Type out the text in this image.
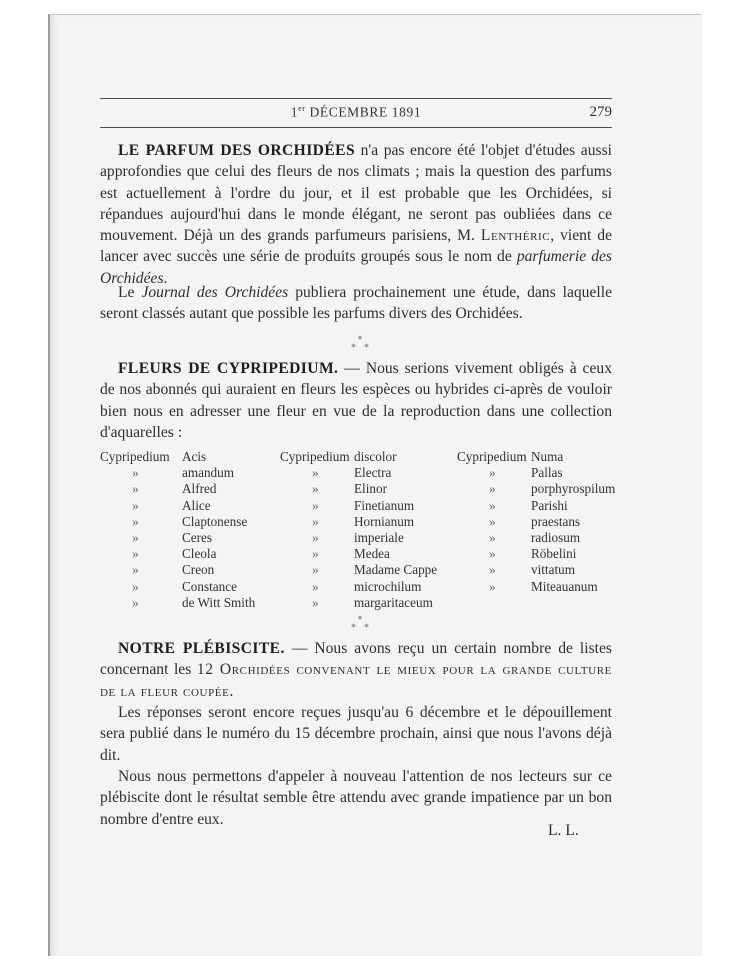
1er DÉCEMBRE 1891	279
LE PARFUM DES ORCHIDÉES n'a pas encore été l'objet d'études aussi approfondies que celui des fleurs de nos climats ; mais la question des parfums est actuellement à l'ordre du jour, et il est probable que les Orchidées, si répandues aujourd'hui dans le monde élégant, ne seront pas oubliées dans ce mouvement. Déjà un des grands parfumeurs parisiens, M. Lenthéric, vient de lancer avec succès une série de produits groupés sous le nom de parfumerie des Orchidées.
Le Journal des Orchidées publiera prochainement une étude, dans laquelle seront classés autant que possible les parfums divers des Orchidées.
*
* *
FLEURS DE CYPRIPEDIUM. — Nous serions vivement obligés à ceux de nos abonnés qui auraient en fleurs les espèces ou hybrides ci-après de vouloir bien nous en adresser une fleur en vue de la reproduction dans une collection d'aquarelles :
Cypripedium Acis	Cypripedium discolor	Cypripedium Numa
»	amandum	»	Electra	»	Pallas
»	Alfred	»	Elinor	»	porphyrospilum
»	Alice	»	Finetianum	»	Parishi
»	Claptonense	»	Hornianum	»	praestans
»	Ceres	»	imperiale	»	radiosum
»	Cleola	»	Medea	»	Röbelini
»	Creon	»	Madame Cappe	»	vittatum
»	Constance	»	microchilum	»	Miteauanum
»	de Witt Smith	»	margaritaceum
*
* *
NOTRE PLÉBISCITE. — Nous avons reçu un certain nombre de listes concernant les 12 Orchidées convenant le mieux pour la grande culture de la fleur coupée.
Les réponses seront encore reçues jusqu'au 6 décembre et le dépouillement sera publié dans le numéro du 15 décembre prochain, ainsi que nous l'avons déjà dit.
Nous nous permettons d'appeler à nouveau l'attention de nos lecteurs sur ce plébiscite dont le résultat semble être attendu avec grande impatience par un bon nombre d'entre eux.
L. L.
